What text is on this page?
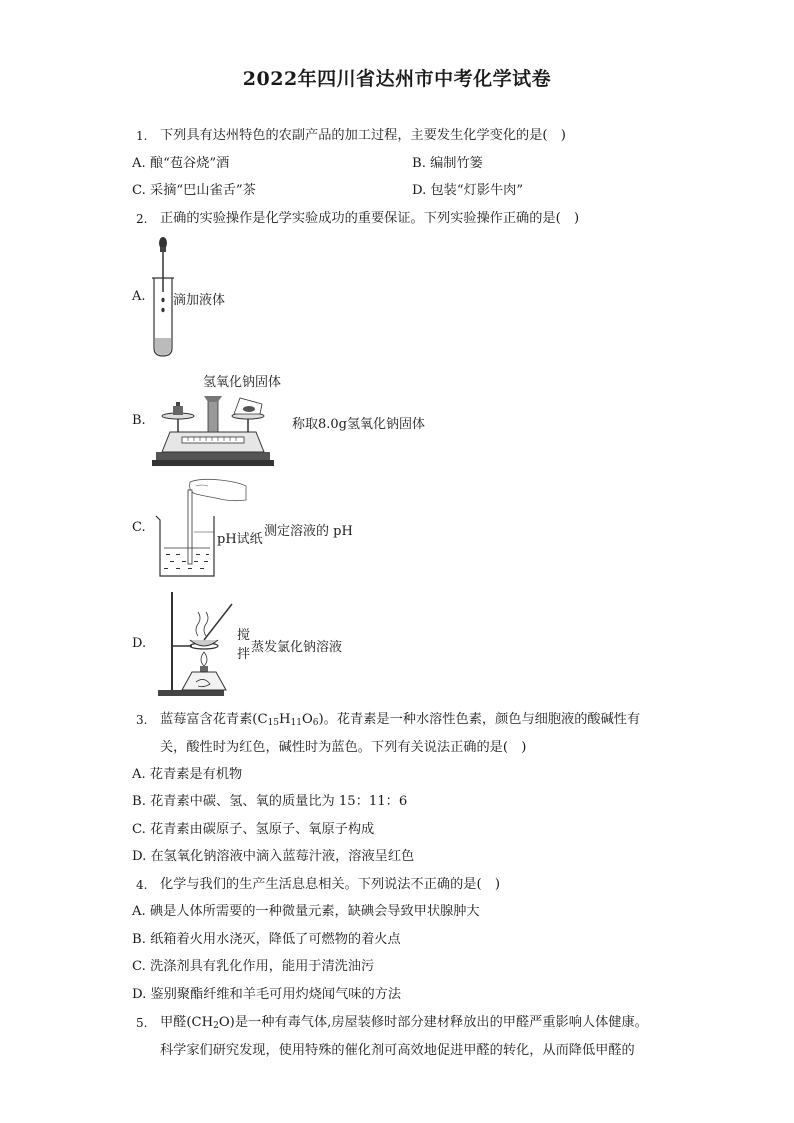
2022年四川省达州市中考化学试卷
1. 下列具有达州特色的农副产品的加工过程，主要发生化学变化的是(　)
A. 酿“苞谷烧”酒	B. 编制竹篓
C. 采摘“巴山雀舌”茶	D. 包装“灯影牛肉”
2. 正确的实验操作是化学实验成功的重要保证。下列实验操作正确的是(　)
A. 滴加液体
氢氧化钠固体
B.	称取8.0g氢氧化钠固体
C.
pH试纸
测定溶液的 pH
D.
搅
拌 蒸发氯化钠溶液
3. 蓝莓富含花青素$(C_{15}H_{11}O_6)$。花青素是一种水溶性色素，颜色与细胞液的酸碱性有
关，酸性时为红色，碱性时为蓝色。下列有关说法正确的是(　)
A. 花青素是有机物
B. 花青素中碳、氢、氧的质量比为 15：11：6
C. 花青素由碳原子、氢原子、氧原子构成
D. 在氢氧化钠溶液中滴入蓝莓汁液，溶液呈红色
4. 化学与我们的生产生活息息相关。下列说法不正确的是(　)
A. 碘是人体所需要的一种微量元素，缺碘会导致甲状腺肿大
B. 纸箱着火用水浇灭，降低了可燃物的着火点
C. 洗涤剂具有乳化作用，能用于清洗油污
D. 鉴别聚酯纤维和羊毛可用灼烧闻气味的方法
5. 甲醛$(CH_2O)$是一种有毒气体,房屋装修时部分建材释放出的甲醛严重影响人体健康。
科学家们研究发现，使用特殊的催化剂可高效地促进甲醛的转化，从而降低甲醛的
